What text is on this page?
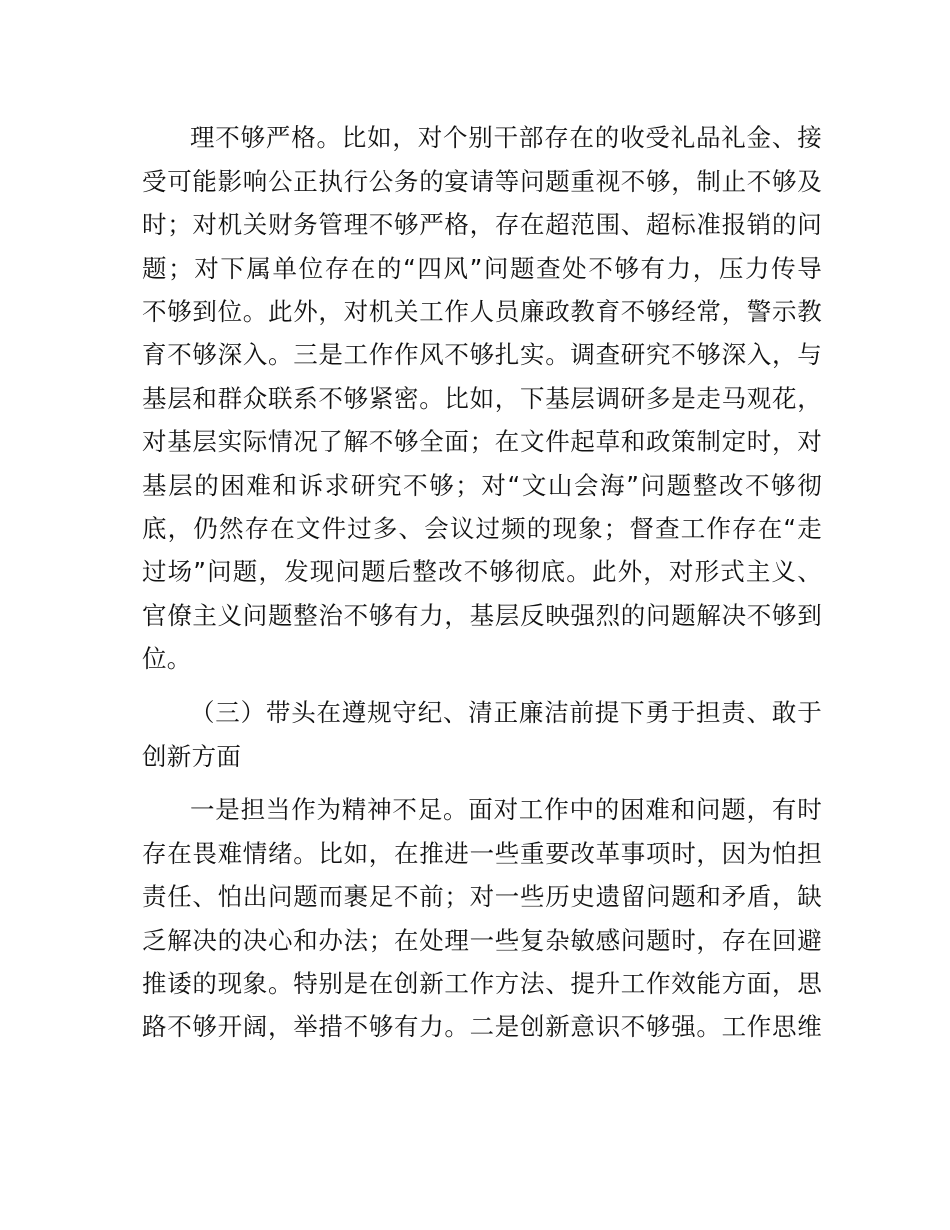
理不够严格。比如，对个别干部存在的收受礼品礼金、接
受可能影响公正执行公务的宴请等问题重视不够，制止不够及
时；对机关财务管理不够严格，存在超范围、超标准报销的问
题；对下属单位存在的“四风”问题查处不够有力，压力传导
不够到位。此外，对机关工作人员廉政教育不够经常，警示教
育不够深入。三是工作作风不够扎实。调查研究不够深入，与
基层和群众联系不够紧密。比如，下基层调研多是走马观花，
对基层实际情况了解不够全面；在文件起草和政策制定时，对
基层的困难和诉求研究不够；对“文山会海”问题整改不够彻
底，仍然存在文件过多、会议过频的现象；督查工作存在“走
过场”问题，发现问题后整改不够彻底。此外，对形式主义、
官僚主义问题整治不够有力，基层反映强烈的问题解决不够到
位。
（三）带头在遵规守纪、清正廉洁前提下勇于担责、敢于
创新方面
一是担当作为精神不足。面对工作中的困难和问题，有时
存在畏难情绪。比如，在推进一些重要改革事项时，因为怕担
责任、怕出问题而裹足不前；对一些历史遗留问题和矛盾，缺
乏解决的决心和办法；在处理一些复杂敏感问题时，存在回避
推诿的现象。特别是在创新工作方法、提升工作效能方面，思
路不够开阔，举措不够有力。二是创新意识不够强。工作思维
